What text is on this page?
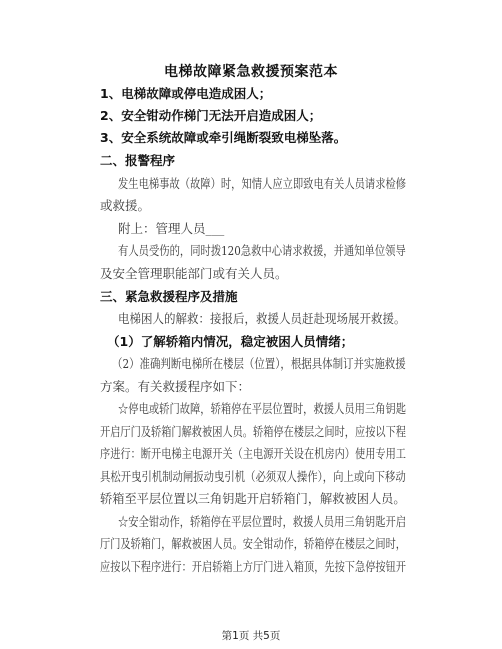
电梯故障紧急救援预案范本
1、电梯故障或停电造成困人；
2、安全钳动作梯门无法开启造成困人；
3、安全系统故障或牵引绳断裂致电梯坠落。
二、报警程序
发生电梯事故（故障）时，知情人应立即致电有关人员请求检修
或救援。
附上：管理人员___
有人员受伤的，同时拨120急救中心请求救援，并通知单位领导
及安全管理职能部门或有关人员。
三、紧急救援程序及措施
电梯困人的解救：接报后，救援人员赶赴现场展开救援。
（1）了解轿箱内情况，稳定被困人员情绪；
（2）准确判断电梯所在楼层（位置），根据具体制订并实施救援
方案。有关救援程序如下：
☆停电或轿门故障，轿箱停在平层位置时，救援人员用三角钥匙
开启厅门及轿箱门解救被困人员。轿箱停在楼层之间时，应按以下程
序进行：断开电梯主电源开关（主电源开关设在机房内）使用专用工
具松开曳引机制动闸扳动曳引机（必须双人操作），向上或向下移动
轿箱至平层位置以三角钥匙开启轿箱门，解救被困人员。
☆安全钳动作，轿箱停在平层位置时，救援人员用三角钥匙开启
厅门及轿箱门，解救被困人员。安全钳动作，轿箱停在楼层之间时，
应按以下程序进行：开启轿箱上方厅门进入箱顶，先按下急停按钮开
第1页 共5页
